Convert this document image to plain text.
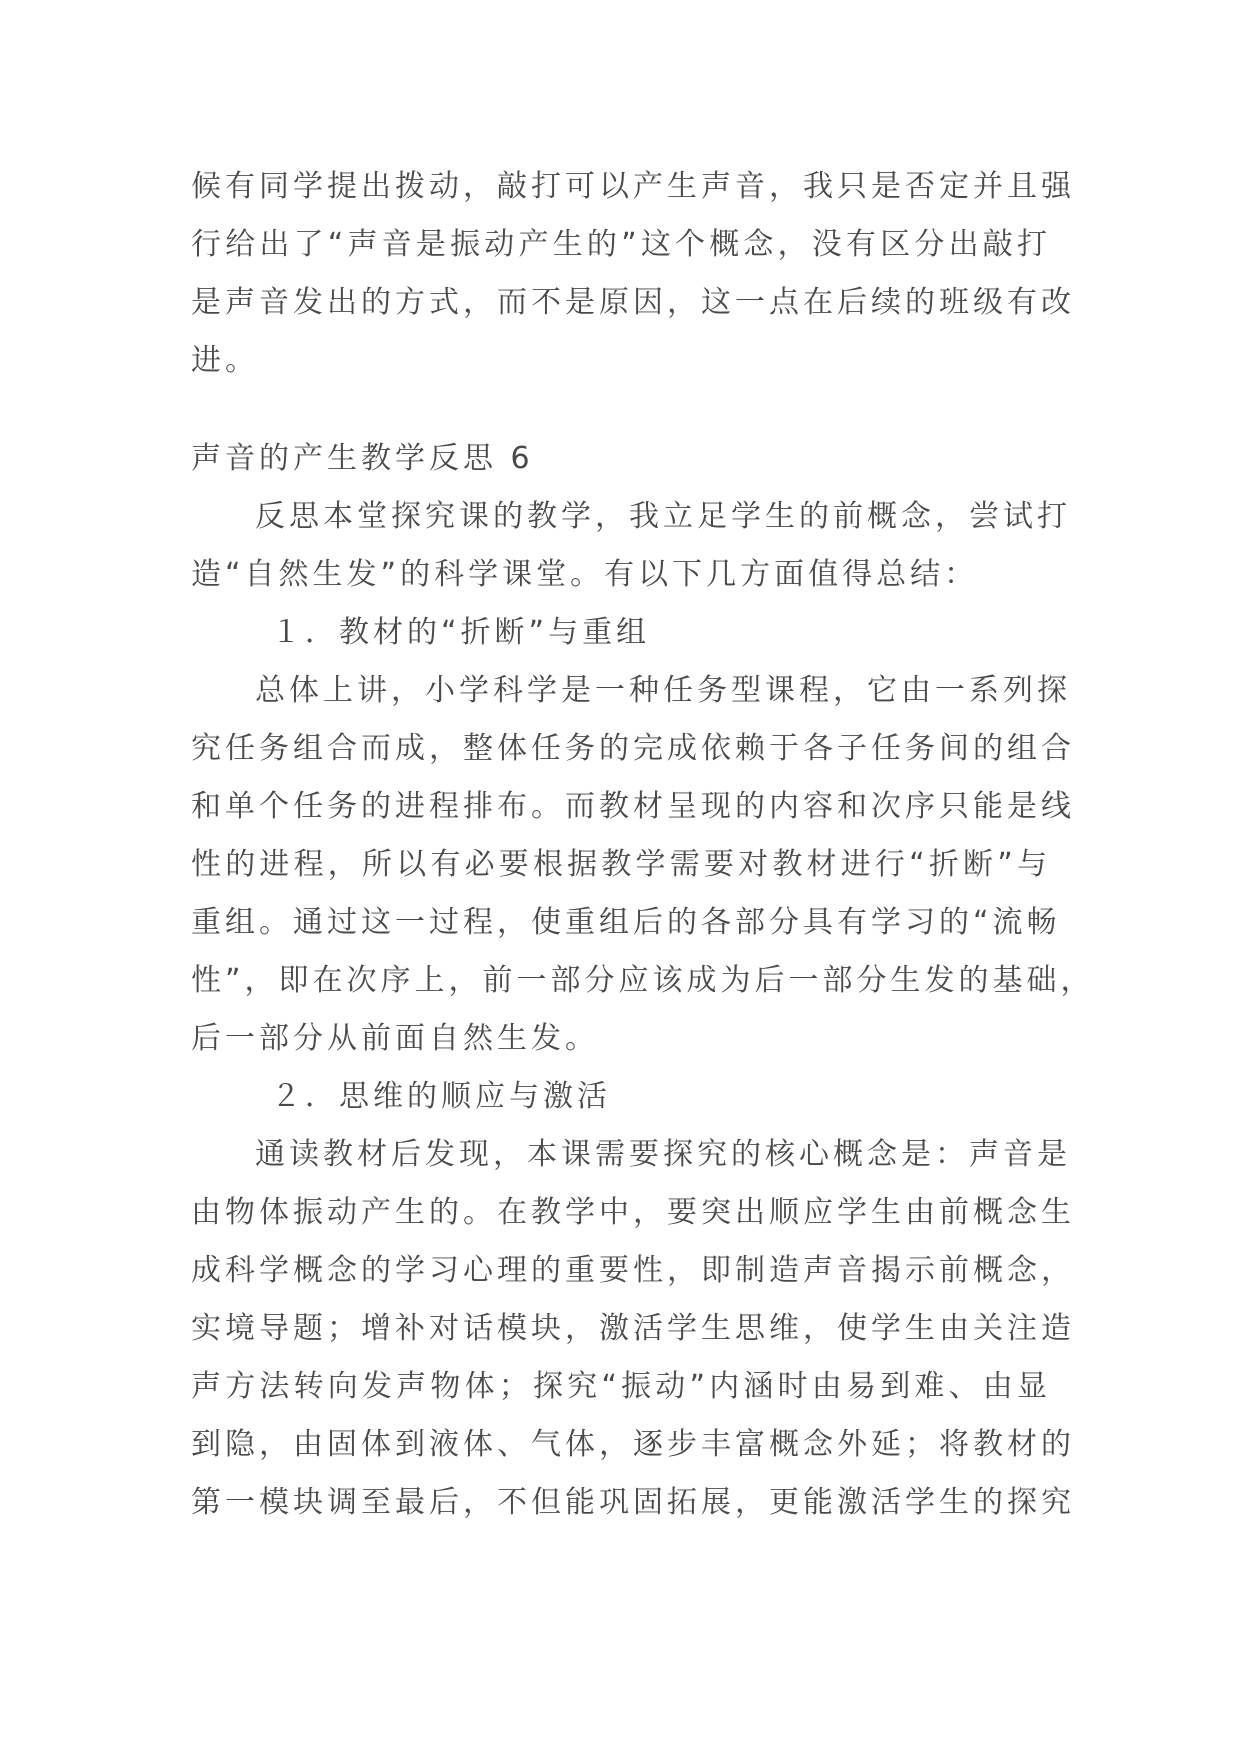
候有同学提出拨动，敲打可以产生声音，我只是否定并且强
行给出了“声音是振动产生的”这个概念，没有区分出敲打
是声音发出的方式，而不是原因，这一点在后续的班级有改
进。
声音的产生教学反思 6
反思本堂探究课的教学，我立足学生的前概念，尝试打
造“自然生发”的科学课堂。有以下几方面值得总结：
１．教材的“折断”与重组
总体上讲，小学科学是一种任务型课程，它由一系列探
究任务组合而成，整体任务的完成依赖于各子任务间的组合
和单个任务的进程排布。而教材呈现的内容和次序只能是线
性的进程，所以有必要根据教学需要对教材进行“折断”与
重组。通过这一过程，使重组后的各部分具有学习的“流畅
性”，即在次序上，前一部分应该成为后一部分生发的基础，
后一部分从前面自然生发。
２．思维的顺应与激活
通读教材后发现，本课需要探究的核心概念是：声音是
由物体振动产生的。在教学中，要突出顺应学生由前概念生
成科学概念的学习心理的重要性，即制造声音揭示前概念，
实境导题；增补对话模块，激活学生思维，使学生由关注造
声方法转向发声物体；探究“振动”内涵时由易到难、由显
到隐，由固体到液体、气体，逐步丰富概念外延；将教材的
第一模块调至最后，不但能巩固拓展，更能激活学生的探究
